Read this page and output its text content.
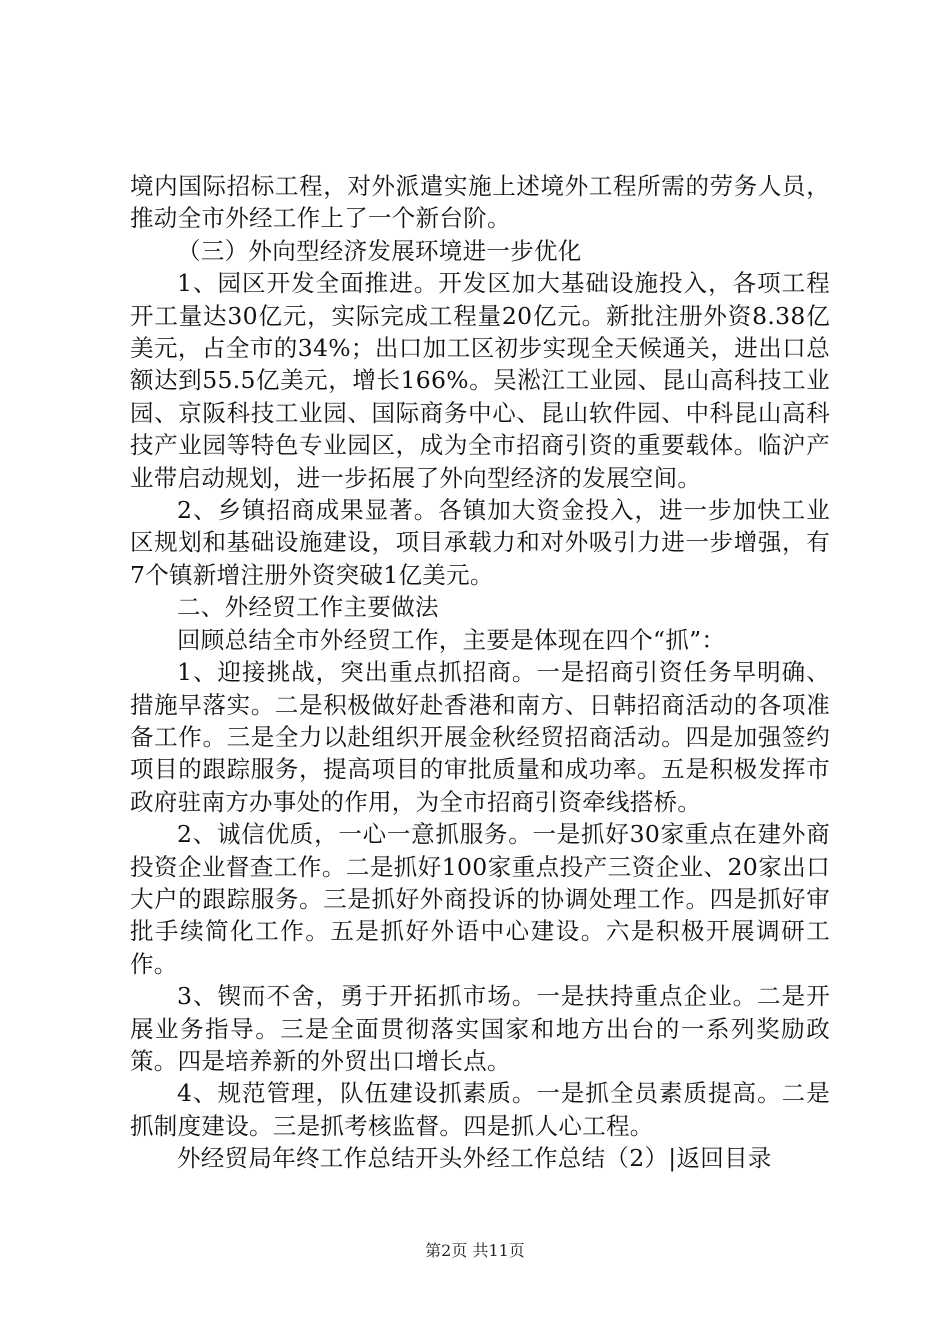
境内国际招标工程，对外派遣实施上述境外工程所需的劳务人员，推动全市外经工作上了一个新台阶。

（三）外向型经济发展环境进一步优化

1、园区开发全面推进。开发区加大基础设施投入，各项工程开工量达30亿元，实际完成工程量20亿元。新批注册外资8.38亿美元，占全市的34%；出口加工区初步实现全天候通关，进出口总额达到55.5亿美元，增长166%。吴淞江工业园、昆山高科技工业园、京阪科技工业园、国际商务中心、昆山软件园、中科昆山高科技产业园等特色专业园区，成为全市招商引资的重要载体。临沪产业带启动规划，进一步拓展了外向型经济的发展空间。

2、乡镇招商成果显著。各镇加大资金投入，进一步加快工业区规划和基础设施建设，项目承载力和对外吸引力进一步增强，有7个镇新增注册外资突破1亿美元。

二、外经贸工作主要做法

回顾总结全市外经贸工作，主要是体现在四个“抓”：

1、迎接挑战，突出重点抓招商。一是招商引资任务早明确、措施早落实。二是积极做好赴香港和南方、日韩招商活动的各项准备工作。三是全力以赴组织开展金秋经贸招商活动。四是加强签约项目的跟踪服务，提高项目的审批质量和成功率。五是积极发挥市政府驻南方办事处的作用，为全市招商引资牵线搭桥。

2、诚信优质，一心一意抓服务。一是抓好30家重点在建外商投资企业督查工作。二是抓好100家重点投产三资企业、20家出口大户的跟踪服务。三是抓好外商投诉的协调处理工作。四是抓好审批手续简化工作。五是抓好外语中心建设。六是积极开展调研工作。

3、锲而不舍，勇于开拓抓市场。一是扶持重点企业。二是开展业务指导。三是全面贯彻落实国家和地方出台的一系列奖励政策。四是培养新的外贸出口增长点。

4、规范管理，队伍建设抓素质。一是抓全员素质提高。二是抓制度建设。三是抓考核监督。四是抓人心工程。

外经贸局年终工作总结开头外经工作总结（2）|返回目录

第2页 共11页
